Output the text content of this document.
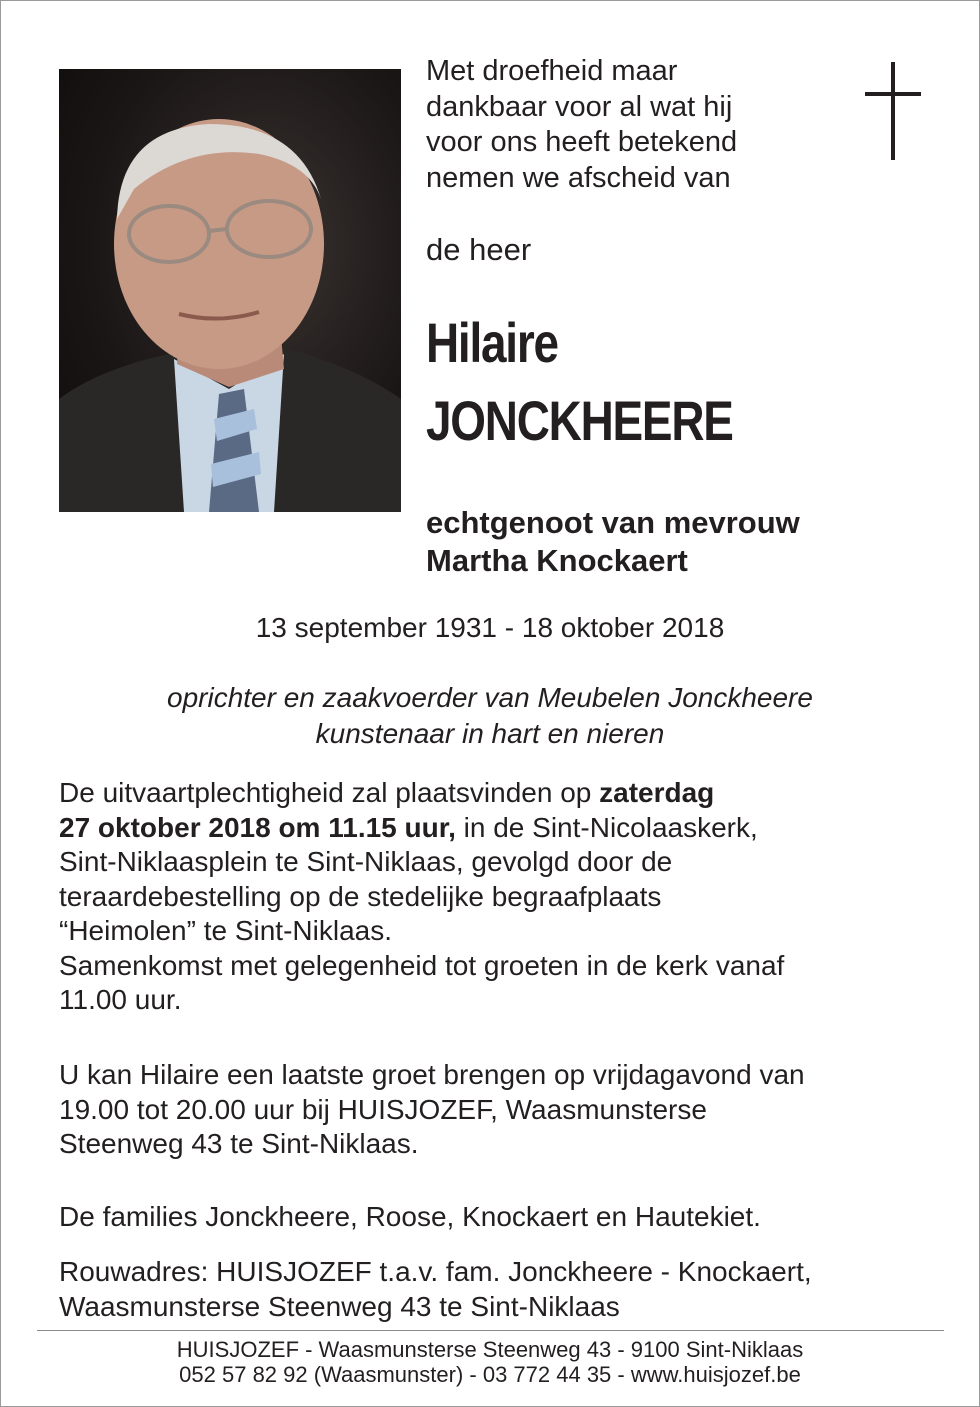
Met droefheid maar
dankbaar voor al wat hij
voor ons heeft betekend
nemen we afscheid van
de heer
Hilaire
JONCKHEERE
echtgenoot van mevrouw
Martha Knockaert
13 september 1931 - 18 oktober 2018
oprichter en zaakvoerder van Meubelen Jonckheere
kunstenaar in hart en nieren
De uitvaartplechtigheid zal plaatsvinden op zaterdag
27 oktober 2018 om 11.15 uur, in de Sint-Nicolaaskerk,
Sint-Niklaasplein te Sint-Niklaas, gevolgd door de
teraardebestelling op de stedelijke begraafplaats
“Heimolen” te Sint-Niklaas.
Samenkomst met gelegenheid tot groeten in de kerk vanaf
11.00 uur.
U kan Hilaire een laatste groet brengen op vrijdagavond van
19.00 tot 20.00 uur bij HUISJOZEF, Waasmunsterse
Steenweg 43 te Sint-Niklaas.
De families Jonckheere, Roose, Knockaert en Hautekiet.
Rouwadres: HUISJOZEF t.a.v. fam. Jonckheere - Knockaert,
Waasmunsterse Steenweg 43 te Sint-Niklaas
HUISJOZEF - Waasmunsterse Steenweg 43 - 9100 Sint-Niklaas
052 57 82 92 (Waasmunster) - 03 772 44 35 - www.huisjozef.be
